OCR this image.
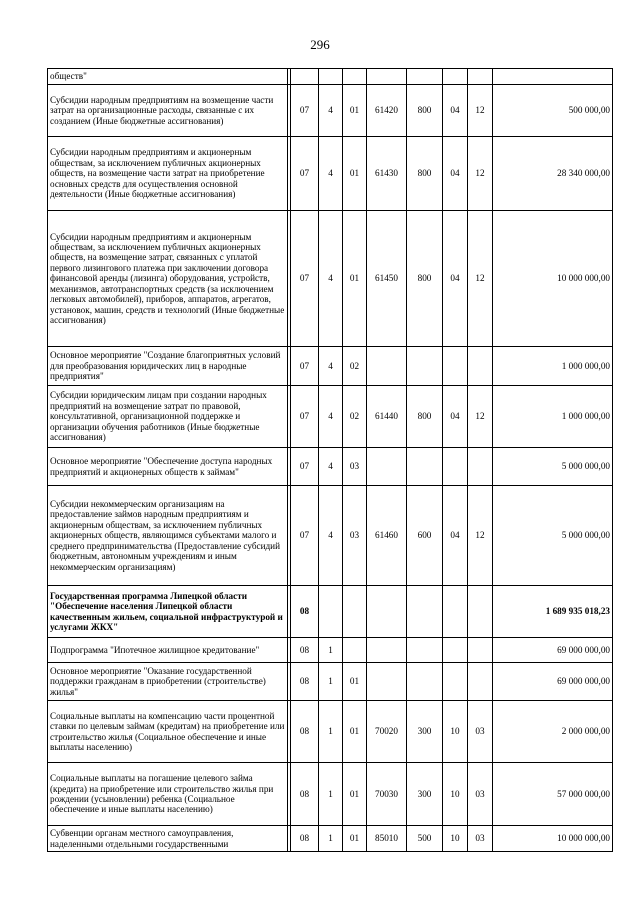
296
обществ"									
Субсидии народным предприятиям на возмещение части затрат на организационные расходы, связанные с их созданием (Иные бюджетные ассигнования)		07	4	01	61420	800	04	12	500 000,00
Субсидии народным предприятиям и акционерным обществам, за исключением публичных акционерных обществ, на возмещение части затрат на приобретение основных средств для осуществления основной деятельности (Иные бюджетные ассигнования)		07	4	01	61430	800	04	12	28 340 000,00
Субсидии народным предприятиям и акционерным обществам, за исключением публичных акционерных обществ, на возмещение затрат, связанных с уплатой первого лизингового платежа при заключении договора финансовой аренды (лизинга) оборудования, устройств, механизмов, автотранспортных средств (за исключением легковых автомобилей), приборов, аппаратов, агрегатов, установок, машин, средств и технологий (Иные бюджетные ассигнования)		07	4	01	61450	800	04	12	10 000 000,00
Основное мероприятие "Создание благоприятных условий для преобразования юридических лиц в народные предприятия"		07	4	02					1 000 000,00
Субсидии юридическим лицам при создании народных предприятий на возмещение затрат по правовой, консультативной, организационной поддержке и организации обучения работников (Иные бюджетные ассигнования)		07	4	02	61440	800	04	12	1 000 000,00
Основное мероприятие "Обеспечение доступа народных предприятий и акционерных обществ к займам"		07	4	03					5 000 000,00
Субсидии некоммерческим организациям на предоставление займов народным предприятиям и акционерным обществам, за исключением публичных акционерных обществ, являющимся субъектами малого и среднего предпринимательства (Предоставление субсидий бюджетным, автономным учреждениям и иным некоммерческим организациям)		07	4	03	61460	600	04	12	5 000 000,00
Государственная программа Липецкой области "Обеспечение населения Липецкой области качественным жильем, социальной инфраструктурой и услугами ЖКХ"		08							1 689 935 018,23
Подпрограмма "Ипотечное жилищное кредитование"		08	1						69 000 000,00
Основное мероприятие "Оказание государственной поддержки гражданам в приобретении (строительстве) жилья"		08	1	01					69 000 000,00
Социальные выплаты на компенсацию части процентной ставки по целевым займам (кредитам) на приобретение или строительство жилья (Социальное обеспечение и иные выплаты населению)		08	1	01	70020	300	10	03	2 000 000,00
Социальные выплаты на погашение целевого займа (кредита) на приобретение или строительство жилья при рождении (усыновлении) ребенка (Социальное обеспечение и иные выплаты населению)		08	1	01	70030	300	10	03	57 000 000,00
Субвенции органам местного самоуправления, наделенными отдельными государственными		08	1	01	85010	500	10	03	10 000 000,00
